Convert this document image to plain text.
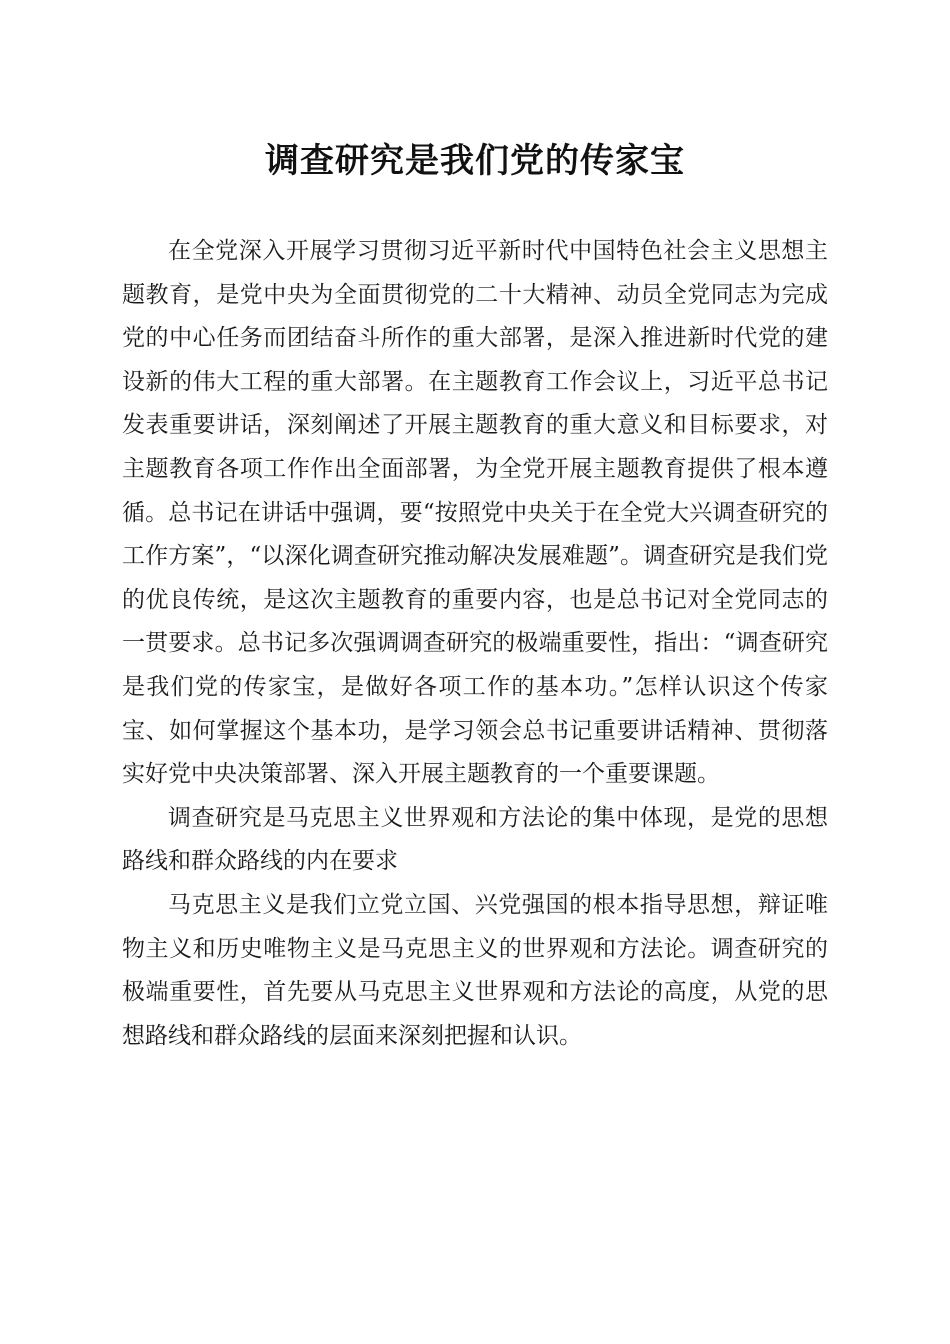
调查研究是我们党的传家宝

在全党深入开展学习贯彻习近平新时代中国特色社会主义思想主题教育，是党中央为全面贯彻党的二十大精神、动员全党同志为完成党的中心任务而团结奋斗所作的重大部署，是深入推进新时代党的建设新的伟大工程的重大部署。在主题教育工作会议上，习近平总书记发表重要讲话，深刻阐述了开展主题教育的重大意义和目标要求，对主题教育各项工作作出全面部署，为全党开展主题教育提供了根本遵循。总书记在讲话中强调，要“按照党中央关于在全党大兴调查研究的工作方案”，“以深化调查研究推动解决发展难题”。调查研究是我们党的优良传统，是这次主题教育的重要内容，也是总书记对全党同志的一贯要求。总书记多次强调调查研究的极端重要性，指出：“调查研究是我们党的传家宝，是做好各项工作的基本功。”怎样认识这个传家宝、如何掌握这个基本功，是学习领会总书记重要讲话精神、贯彻落实好党中央决策部署、深入开展主题教育的一个重要课题。

调查研究是马克思主义世界观和方法论的集中体现，是党的思想路线和群众路线的内在要求

马克思主义是我们立党立国、兴党强国的根本指导思想，辩证唯物主义和历史唯物主义是马克思主义的世界观和方法论。调查研究的极端重要性，首先要从马克思主义世界观和方法论的高度，从党的思想路线和群众路线的层面来深刻把握和认识。
